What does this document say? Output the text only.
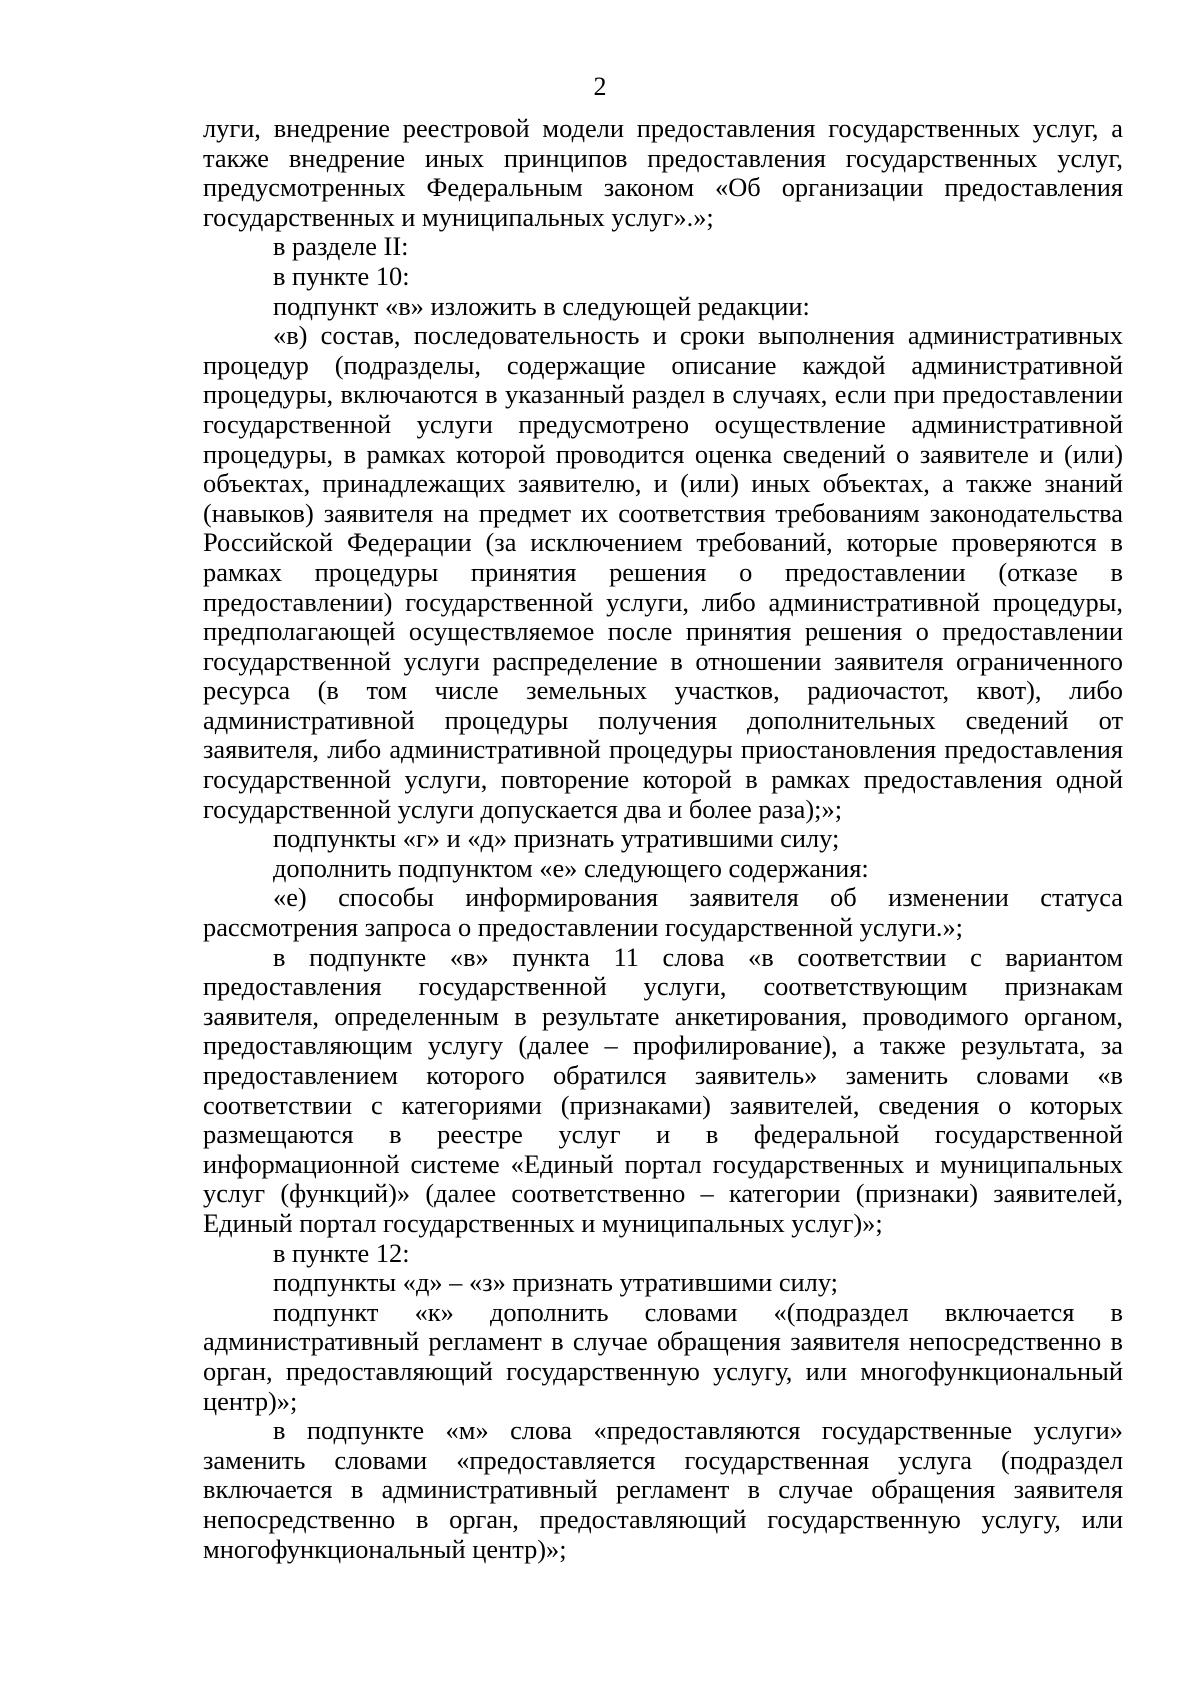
2

луги, внедрение реестровой модели предоставления государственных услуг, а также внедрение иных принципов предоставления государственных услуг, предусмотренных Федеральным законом «Об организации предоставления государственных и муниципальных услуг».»;

в разделе II:

в пункте 10:

подпункт «в» изложить в следующей редакции:

«в) состав, последовательность и сроки выполнения административных процедур (подразделы, содержащие описание каждой административной процедуры, включаются в указанный раздел в случаях, если при предоставлении государственной услуги предусмотрено осуществление административной процедуры, в рамках которой проводится оценка сведений о заявителе и (или) объектах, принадлежащих заявителю, и (или) иных объектах, а также знаний (навыков) заявителя на предмет их соответствия требованиям законодательства Российской Федерации (за исключением требований, которые проверяются в рамках процедуры принятия решения о предоставлении (отказе в предоставлении) государственной услуги, либо административной процедуры, предполагающей осуществляемое после принятия решения о предоставлении государственной услуги распределение в отношении заявителя ограниченного ресурса (в том числе земельных участков, радиочастот, квот), либо административной процедуры получения дополнительных сведений от заявителя, либо административной процедуры приостановления предоставления государственной услуги, повторение которой в рамках предоставления одной государственной услуги допускается два и более раза);»;

подпункты «г» и «д» признать утратившими силу;

дополнить подпунктом «е» следующего содержания:

«е) способы информирования заявителя об изменении статуса рассмотрения запроса о предоставлении государственной услуги.»;

в подпункте «в» пункта 11 слова «в соответствии с вариантом предоставления государственной услуги, соответствующим признакам заявителя, определенным в результате анкетирования, проводимого органом, предоставляющим услугу (далее – профилирование), а также результата, за предоставлением которого обратился заявитель» заменить словами «в соответствии с категориями (признаками) заявителей, сведения о которых размещаются в реестре услуг и в федеральной государственной информационной системе «Единый портал государственных и муниципальных услуг (функций)» (далее соответственно – категории (признаки) заявителей, Единый портал государственных и муниципальных услуг)»;

в пункте 12:

подпункты «д» – «з» признать утратившими силу;

подпункт «к» дополнить словами «(подраздел включается в административный регламент в случае обращения заявителя непосредственно в орган, предоставляющий государственную услугу, или многофункциональный центр)»;

в подпункте «м» слова «предоставляются государственные услуги» заменить словами «предоставляется государственная услуга (подраздел включается в административный регламент в случае обращения заявителя непосредственно в орган, предоставляющий государственную услугу, или многофункциональный центр)»;
